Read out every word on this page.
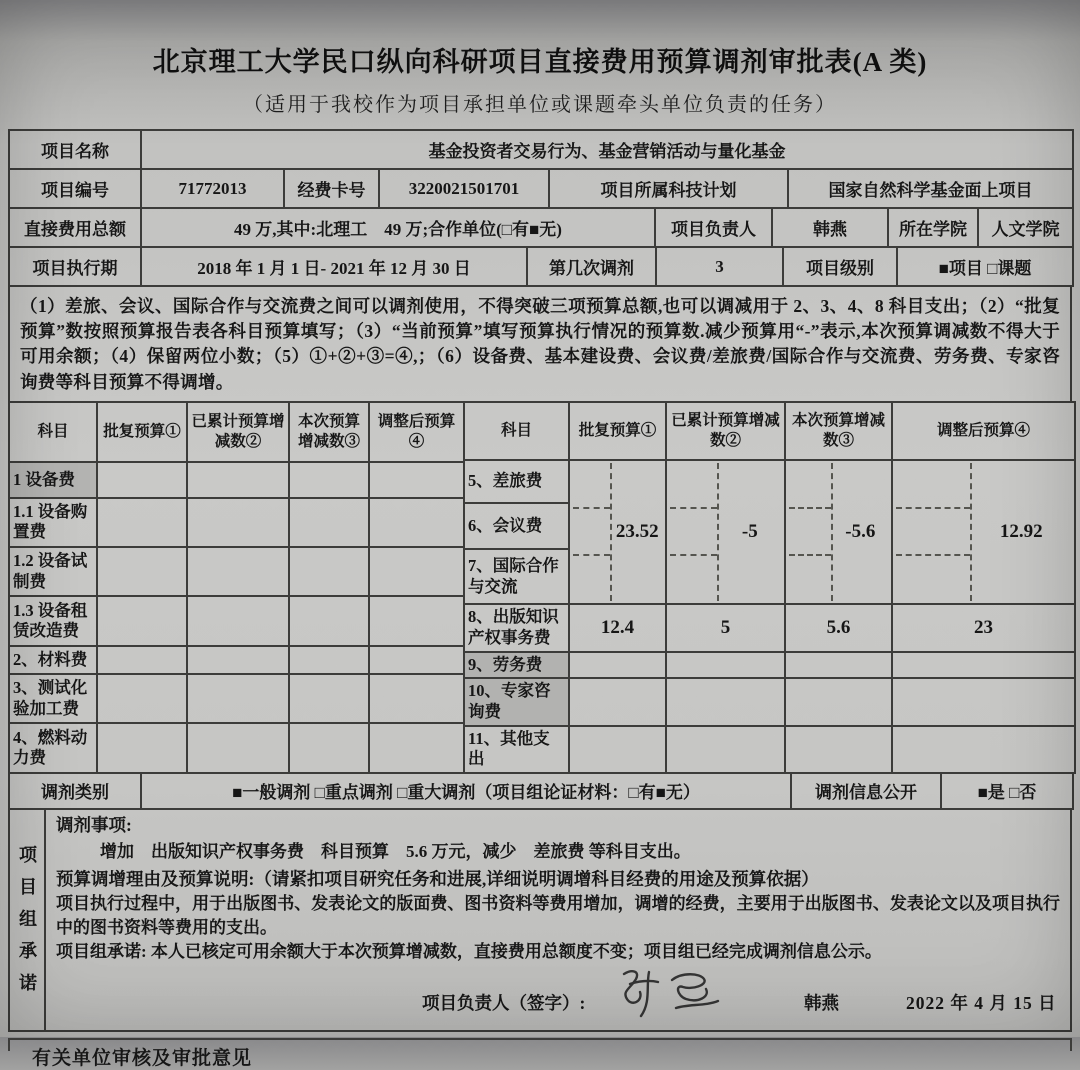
北京理工大学民口纵向科研项目直接费用预算调剂审批表(A 类)
（适用于我校作为项目承担单位或课题牵头单位负责的任务）
项目名称	基金投资者交易行为、基金营销活动与量化基金
项目编号	71772013	经费卡号	3220021501701	项目所属科技计划	国家自然科学基金面上项目
直接费用总额	49 万,其中:北理工　49 万;合作单位(□有■无)	项目负责人	韩燕	所在学院	人文学院
项目执行期	2018 年 1 月 1 日- 2021 年 12 月 30 日	第几次调剂	3	项目级别	■项目 □课题
（1）差旅、会议、国际合作与交流费之间可以调剂使用，不得突破三项预算总额,也可以调减用于 2、3、4、8 科目支出；（2）“批复预算”数按照预算报告表各科目预算填写；（3）“当前预算”填写预算执行情况的预算数.减少预算用“-”表示,本次预算调减数不得大于可用余额；（4）保留两位小数；（5）①+②+③=④,；（6）设备费、基本建设费、会议费/差旅费/国际合作与交流费、劳务费、专家咨询费等科目预算不得调增。
科目	批复预算①	已累计预算增减数②	本次预算增减数③	调整后预算④
1 设备费				
1.1 设备购置费				
1.2 设备试制费				
1.3 设备租赁改造费				
2、材料费				
3、测试化验加工费				
4、燃料动力费				
科目	批复预算①	已累计预算增减数②	本次预算增减数③	调整后预算④
5、差旅费	23.52	-5	-5.6	12.92

6、会议费				
7、国际合作与交流				
8、出版知识产权事务费	12.4	5	5.6	23
9、劳务费				
10、专家咨询费				
11、其他支出				
调剂类别	■一般调剂 □重点调剂 □重大调剂（项目组论证材料：□有■无）	调剂信息公开	■是 □否
项目组承诺
调剂事项:
增加　出版知识产权事务费　科目预算　5.6 万元，减少　差旅费 等科目支出。
预算调增理由及预算说明:（请紧扣项目研究任务和进展,详细说明调增科目经费的用途及预算依据）
项目执行过程中，用于出版图书、发表论文的版面费、图书资料等费用增加，调增的经费，主要用于出版图书、发表论文以及项目执行中的图书资料等费用的支出。
项目组承诺: 本人已核定可用余额大于本次预算增减数，直接费用总额度不变；项目组已经完成调剂信息公示。
项目负责人（签字）:	韩燕	2022 年 4 月 15 日
有关单位审核及审批意见
